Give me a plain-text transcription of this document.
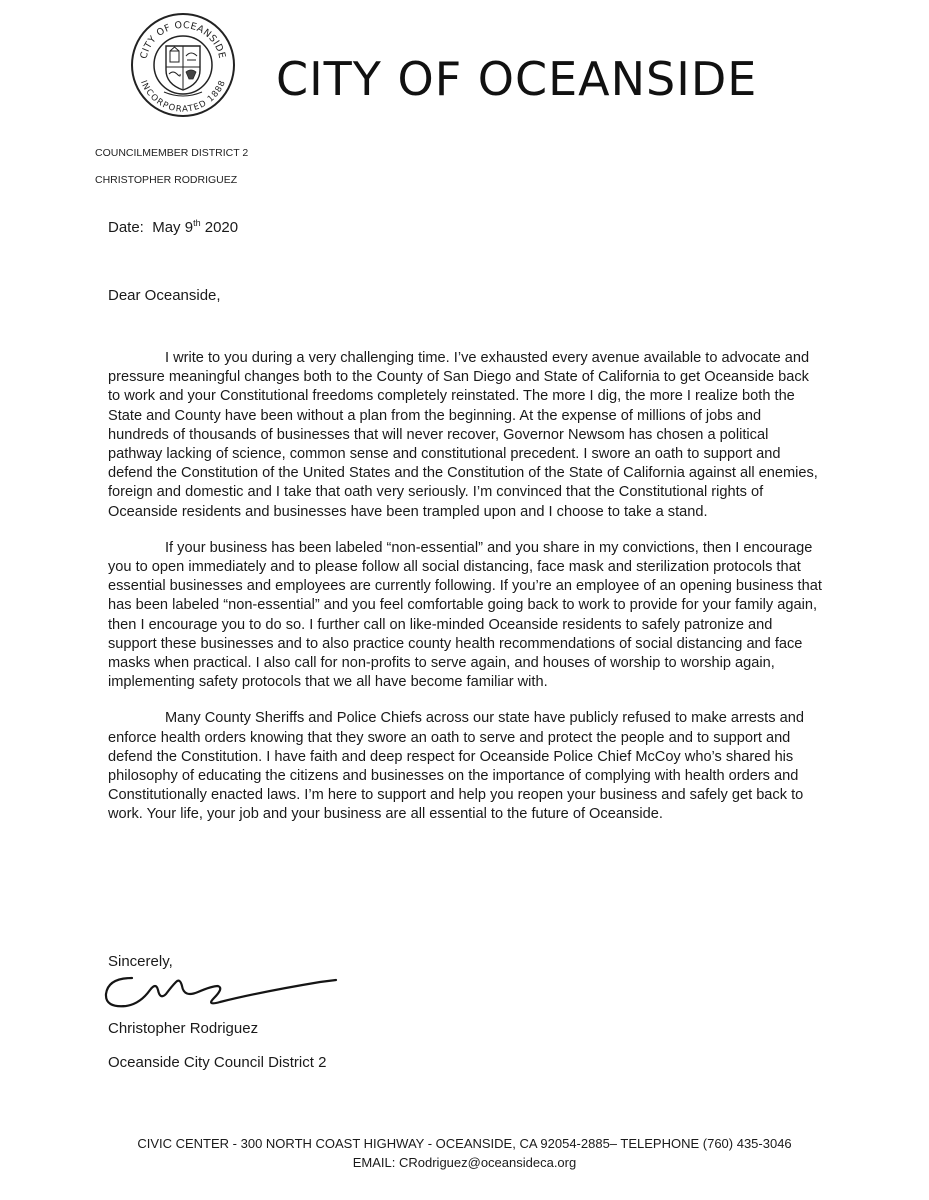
CITY OF OCEANSIDE
INCORPORATED 1888 CITY OF OCEANSIDE
COUNCILMEMBER DISTRICT 2
CHRISTOPHER RODRIGUEZ
Date: May 9th 2020
Dear Oceanside,

I write to you during a very challenging time. I’ve exhausted every avenue available to advocate and pressure meaningful changes both to the County of San Diego and State of California to get Oceanside back to work and your Constitutional freedoms completely reinstated. The more I dig, the more I realize both the State and County have been without a plan from the beginning. At the expense of millions of jobs and hundreds of thousands of businesses that will never recover, Governor Newsom has chosen a political pathway lacking of science, common sense and constitutional precedent. I swore an oath to support and defend the Constitution of the United States and the Constitution of the State of California against all enemies, foreign and domestic and I take that oath very seriously. I’m convinced that the Constitutional rights of Oceanside residents and businesses have been trampled upon and I choose to take a stand.

If your business has been labeled “non-essential” and you share in my convictions, then I encourage you to open immediately and to please follow all social distancing, face mask and sterilization protocols that essential businesses and employees are currently following. If you’re an employee of an opening business that has been labeled “non-essential” and you feel comfortable going back to work to provide for your family again, then I encourage you to do so. I further call on like-minded Oceanside residents to safely patronize and support these businesses and to also practice county health recommendations of social distancing and face masks when practical. I also call for non-profits to serve again, and houses of worship to worship again, implementing safety protocols that we all have become familiar with.

Many County Sheriffs and Police Chiefs across our state have publicly refused to make arrests and enforce health orders knowing that they swore an oath to serve and protect the people and to support and defend the Constitution. I have faith and deep respect for Oceanside Police Chief McCoy who’s shared his philosophy of educating the citizens and businesses on the importance of complying with health orders and Constitutionally enacted laws. I’m here to support and help you reopen your business and safely get back to work. Your life, your job and your business are all essential to the future of Oceanside.

Sincerely,
Christopher Rodriguez
Oceanside City Council District 2
CIVIC CENTER - 300 NORTH COAST HIGHWAY - OCEANSIDE, CA 92054-2885– TELEPHONE (760) 435-3046
EMAIL: CRodriguez@oceansideca.org
